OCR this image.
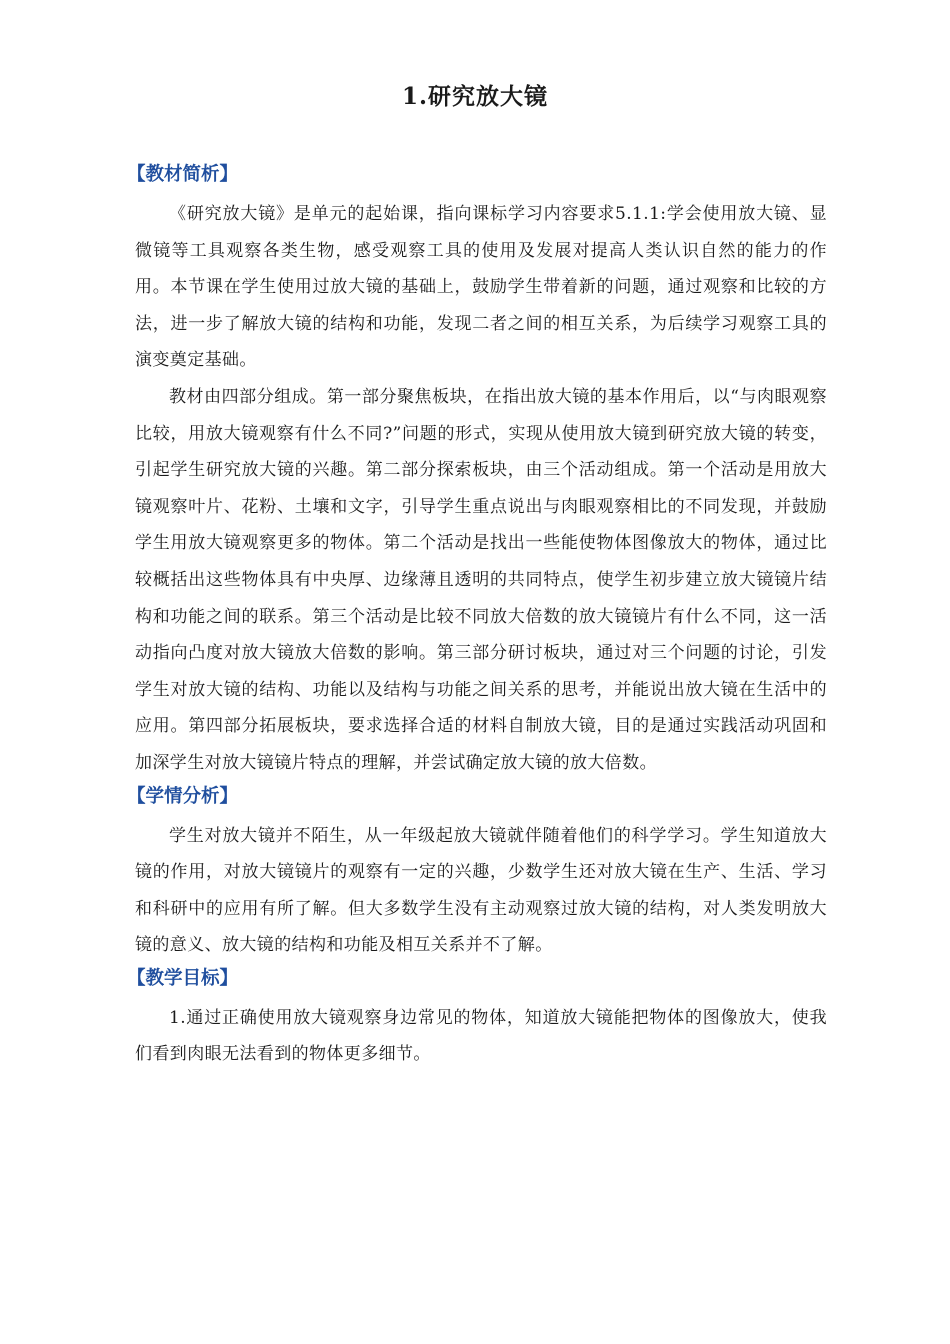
1.研究放大镜
【教材简析】

《研究放大镜》是单元的起始课，指向课标学习内容要求5.1.1:学会使用放大镜、显微镜等工具观察各类生物，感受观察工具的使用及发展对提高人类认识自然的能力的作用。本节课在学生使用过放大镜的基础上，鼓励学生带着新的问题，通过观察和比较的方法，进一步了解放大镜的结构和功能，发现二者之间的相互关系，为后续学习观察工具的演变奠定基础。

教材由四部分组成。第一部分聚焦板块，在指出放大镜的基本作用后，以“与肉眼观察比较，用放大镜观察有什么不同?”问题的形式，实现从使用放大镜到研究放大镜的转变，引起学生研究放大镜的兴趣。第二部分探索板块，由三个活动组成。第一个活动是用放大镜观察叶片、花粉、土壤和文字，引导学生重点说出与肉眼观察相比的不同发现，并鼓励学生用放大镜观察更多的物体。第二个活动是找出一些能使物体图像放大的物体，通过比较概括出这些物体具有中央厚、边缘薄且透明的共同特点，使学生初步建立放大镜镜片结构和功能之间的联系。第三个活动是比较不同放大倍数的放大镜镜片有什么不同，这一活动指向凸度对放大镜放大倍数的影响。第三部分研讨板块，通过对三个问题的讨论，引发学生对放大镜的结构、功能以及结构与功能之间关系的思考，并能说出放大镜在生活中的应用。第四部分拓展板块，要求选择合适的材料自制放大镜，目的是通过实践活动巩固和加深学生对放大镜镜片特点的理解，并尝试确定放大镜的放大倍数。

【学情分析】

学生对放大镜并不陌生，从一年级起放大镜就伴随着他们的科学学习。学生知道放大镜的作用，对放大镜镜片的观察有一定的兴趣，少数学生还对放大镜在生产、生活、学习和科研中的应用有所了解。但大多数学生没有主动观察过放大镜的结构，对人类发明放大镜的意义、放大镜的结构和功能及相互关系并不了解。

【教学目标】

1.通过正确使用放大镜观察身边常见的物体，知道放大镜能把物体的图像放大，使我们看到肉眼无法看到的物体更多细节。
